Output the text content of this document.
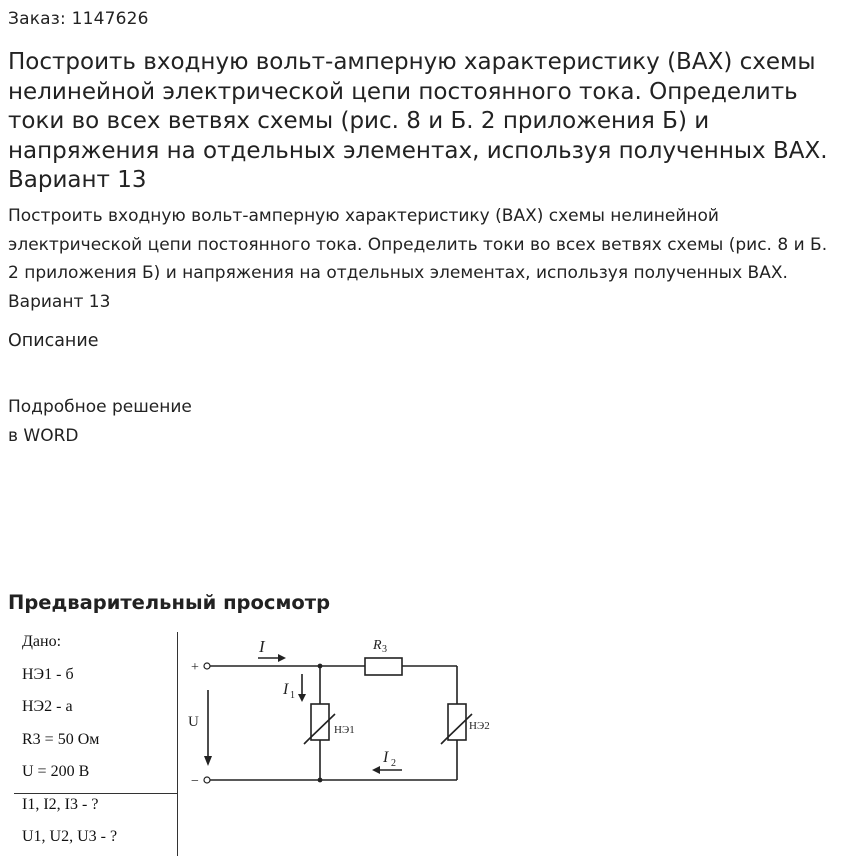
Заказ: 1147626
Построить входную вольт-амперную характеристику (ВАХ) схемы нелинейной электрической цепи постоянного тока. Определить токи во всех ветвях схемы (рис. 8 и Б. 2 приложения Б) и напряжения на отдельных элементах, используя полученных ВАХ. Вариант 13
Построить входную вольт-амперную характеристику (ВАХ) схемы нелинейной электрической цепи постоянного тока. Определить токи во всех ветвях схемы (рис. 8 и Б. 2 приложения Б) и напряжения на отдельных элементах, используя полученных ВАХ. Вариант 13
Описание
Подробное решение
в WORD
Предварительный просмотр
Дано:
НЭ1 - б
НЭ2 - а
R3 = 50 Ом
U = 200 В
I1, I2, I3 - ?
U1, U2, U3 - ?
+
−
U
I
I 1
I 2
R 3
НЭ1	НЭ2
